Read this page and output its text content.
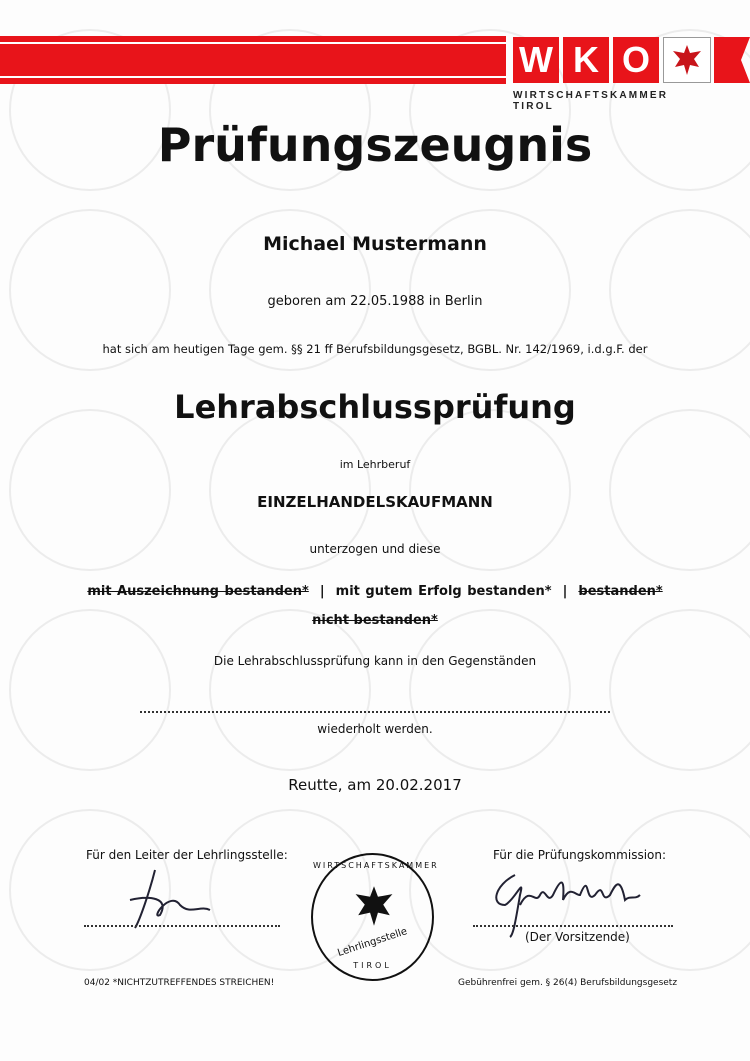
W K O
WIRTSCHAFTSKAMMER TIROL
Prüfungszeugnis
Michael Mustermann
geboren am 22.05.1988 in Berlin
hat sich am heutigen Tage gem. §§ 21 ff Berufsbildungsgesetz, BGBL. Nr. 142/1969, i.d.g.F. der
Lehrabschlussprüfung
im Lehrberuf
EINZELHANDELSKAUFMANN
unterzogen und diese
mit Auszeichnung bestanden* | mit gutem Erfolg bestanden* | bestanden*
nicht bestanden*
Die Lehrabschlussprüfung kann in den Gegenständen
wiederholt werden.
Reutte, am 20.02.2017
Für den Leiter der Lehrlingsstelle:	Für die Prüfungskommission:
(Der Vorsitzende)
WIRTSCHAFTSKAMMER
Lehrlingsstelle
TIROL
04/02 *NICHTZUTREFFENDES STREICHEN!	Gebührenfrei gem. § 26(4) Berufsbildungsgesetz
